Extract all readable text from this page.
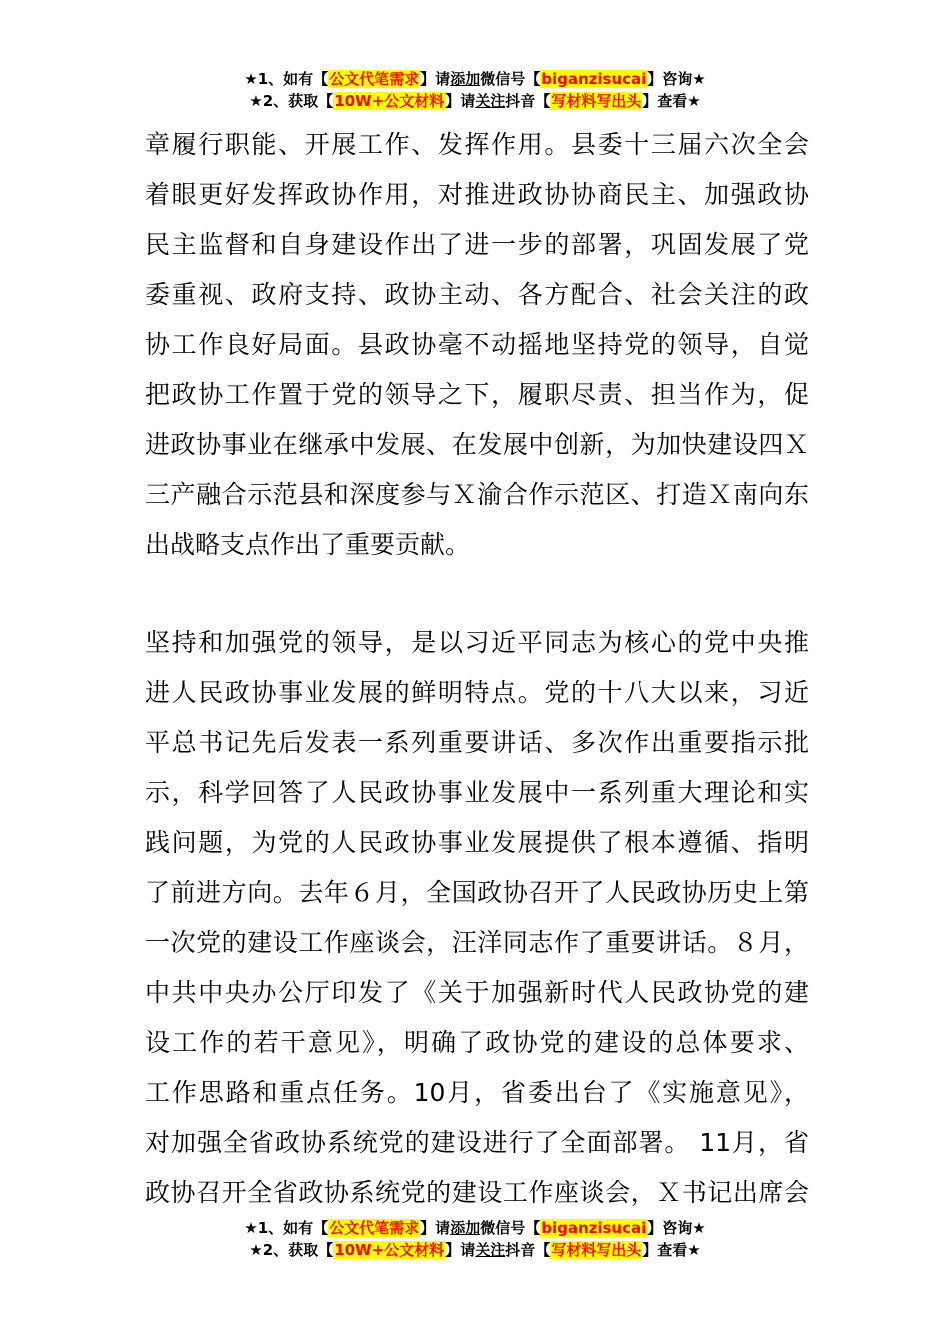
★1、如有【公文代笔需求】请添加微信号【biganzisucai】咨询★
★2、获取【10W+公文材料】请关注抖音【写材料写出头】查看★
章履行职能、开展工作、发挥作用。县委十三届六次全会
着眼更好发挥政协作用，对推进政协协商民主、加强政协
民主监督和自身建设作出了进一步的部署，巩固发展了党
委重视、政府支持、政协主动、各方配合、社会关注的政
协工作良好局面。县政协毫不动摇地坚持党的领导，自觉
把政协工作置于党的领导之下，履职尽责、担当作为，促
进政协事业在继承中发展、在发展中创新，为加快建设四Ｘ
三产融合示范县和深度参与Ｘ渝合作示范区、打造Ｘ南向东
出战略支点作出了重要贡献。
坚持和加强党的领导，是以习近平同志为核心的党中央推
进人民政协事业发展的鲜明特点。党的十八大以来，习近
平总书记先后发表一系列重要讲话、多次作出重要指示批
示，科学回答了人民政协事业发展中一系列重大理论和实
践问题，为党的人民政协事业发展提供了根本遵循、指明
了前进方向。去年６月，全国政协召开了人民政协历史上第
一次党的建设工作座谈会，汪洋同志作了重要讲话。８月，
中共中央办公厅印发了《关于加强新时代人民政协党的建
设工作的若干意见》，明确了政协党的建设的总体要求、
工作思路和重点任务。10月，省委出台了《实施意见》，
对加强全省政协系统党的建设进行了全面部署。 11月，省
政协召开全省政协系统党的建设工作座谈会，Ｘ书记出席会
★1、如有【公文代笔需求】请添加微信号【biganzisucai】咨询★
★2、获取【10W+公文材料】请关注抖音【写材料写出头】查看★
